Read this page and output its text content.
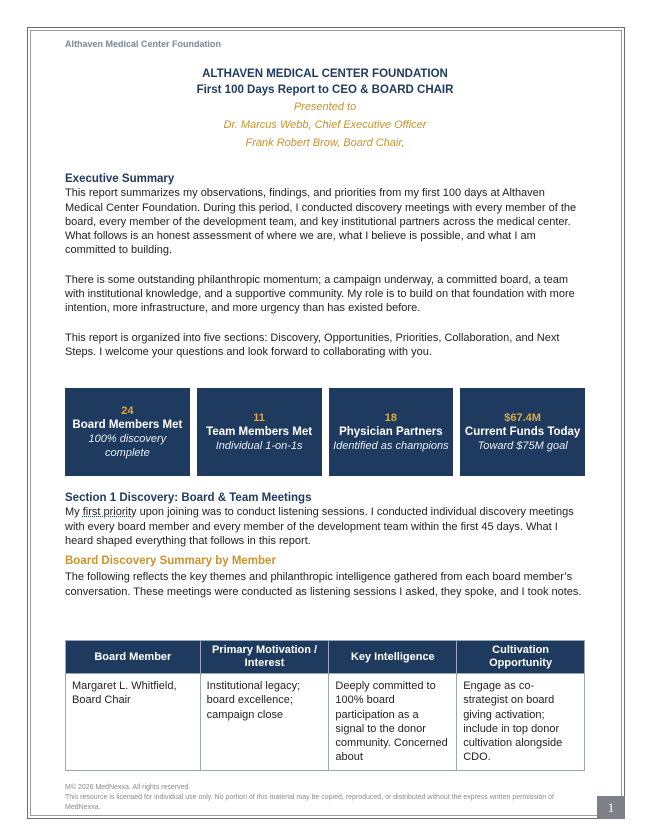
Althaven Medical Center Foundation
ALTHAVEN MEDICAL CENTER FOUNDATION
First 100 Days Report to CEO & BOARD CHAIR
Presented to
Dr. Marcus Webb, Chief Executive Officer
Frank Robert Brow, Board Chair,
Executive Summary
This report summarizes my observations, findings, and priorities from my first 100 days at Althaven Medical Center Foundation. During this period, I conducted discovery meetings with every member of the board, every member of the development team, and key institutional partners across the medical center. What follows is an honest assessment of where we are, what I believe is possible, and what I am committed to building.
There is some outstanding philanthropic momentum; a campaign underway, a committed board, a team with institutional knowledge, and a supportive community. My role is to build on that foundation with more intention, more infrastructure, and more urgency than has existed before.
This report is organized into five sections: Discovery, Opportunities, Priorities, Collaboration, and Next Steps. I welcome your questions and look forward to collaborating with you.
24
Board Members Met
100% discovery complete
11
Team Members Met
Individual 1-on-1s
18
Physician Partners
Identified as champions
$67.4M
Current Funds Today
Toward $75M goal
Section 1 Discovery: Board & Team Meetings
My first priority upon joining was to conduct listening sessions. I conducted individual discovery meetings with every board member and every member of the development team within the first 45 days. What I heard shaped everything that follows in this report.
Board Discovery Summary by Member
The following reflects the key themes and philanthropic intelligence gathered from each board member’s conversation. These meetings were conducted as listening sessions I asked, they spoke, and I took notes.
Board Member	Primary Motivation / Interest	Key Intelligence	Cultivation Opportunity
Margaret L. Whitfield, Board Chair	Institutional legacy; board excellence; campaign close	Deeply committed to 100% board participation as a signal to the donor community. Concerned about	Engage as co-strategist on board giving activation; include in top donor cultivation alongside CDO.
M© 2026 MedNexxa. All rights reserved.
This resource is licensed for individual use only. No portion of this material may be copied, reproduced, or distributed without the express written permission of MedNexxa.	1
